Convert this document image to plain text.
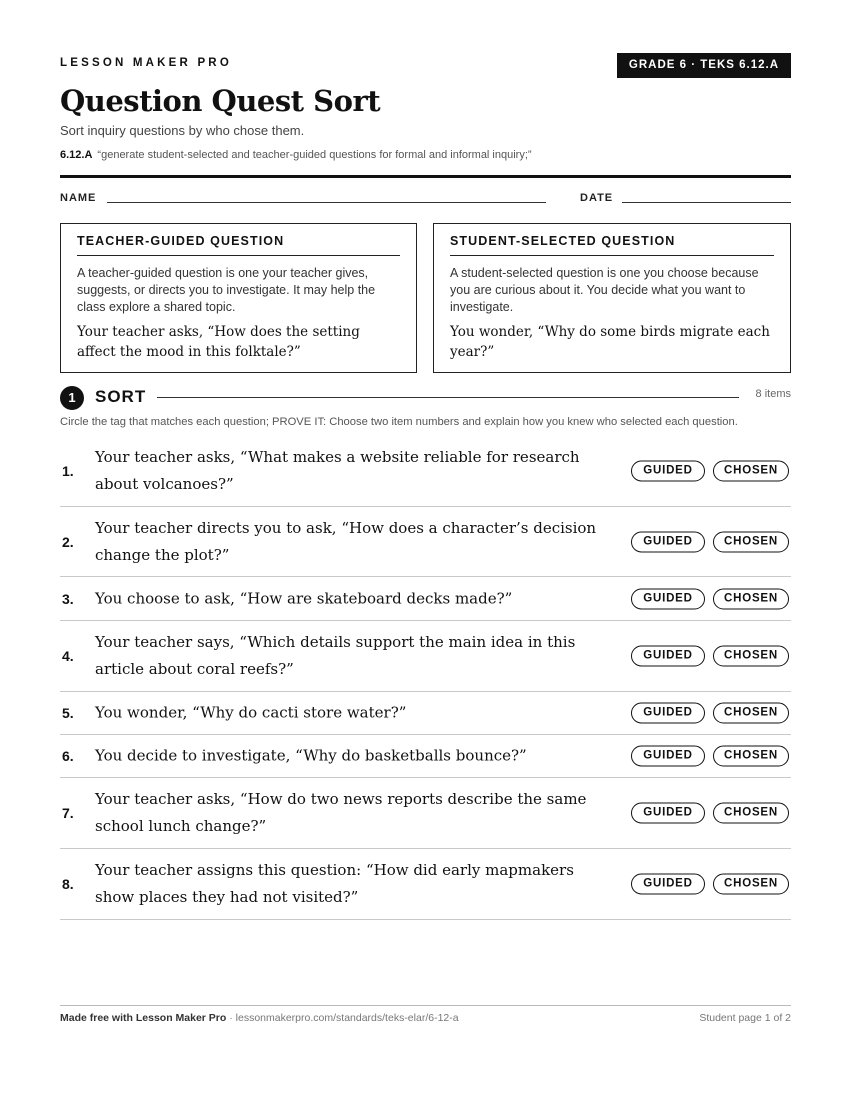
LESSON MAKER PRO	GRADE 6 · TEKS 6.12.A
Question Quest Sort
Sort inquiry questions by who chose them.
6.12.A “generate student-selected and teacher-guided questions for formal and informal inquiry;”
NAME	DATE
TEACHER-GUIDED QUESTION
A teacher-guided question is one your teacher gives, suggests, or directs you to investigate. It may help the class explore a shared topic.
Your teacher asks, “How does the setting affect the mood in this folktale?”
STUDENT-SELECTED QUESTION
A student-selected question is one you choose because you are curious about it. You decide what you want to investigate.
You wonder, “Why do some birds migrate each year?”
1	SORT	8 items
Circle the tag that matches each question; PROVE IT: Choose two item numbers and explain how you knew who selected each question.
1.
Your teacher asks, “What makes a website reliable for research about volcanoes?”
GUIDED	CHOSEN
2.
Your teacher directs you to ask, “How does a character’s decision change the plot?”
GUIDED	CHOSEN
3. You choose to ask, “How are skateboard decks made?”	GUIDED	CHOSEN
4.
Your teacher says, “Which details support the main idea in this article about coral reefs?”
GUIDED	CHOSEN
5. You wonder, “Why do cacti store water?”	GUIDED	CHOSEN
6. You decide to investigate, “Why do basketballs bounce?”	GUIDED	CHOSEN
7.
Your teacher asks, “How do two news reports describe the same school lunch change?”
GUIDED	CHOSEN
8.
Your teacher assigns this question: “How did early mapmakers show places they had not visited?”
GUIDED	CHOSEN
Made free with Lesson Maker Pro · lessonmakerpro.com/standards/teks-elar/6-12-a	Student page 1 of 2
